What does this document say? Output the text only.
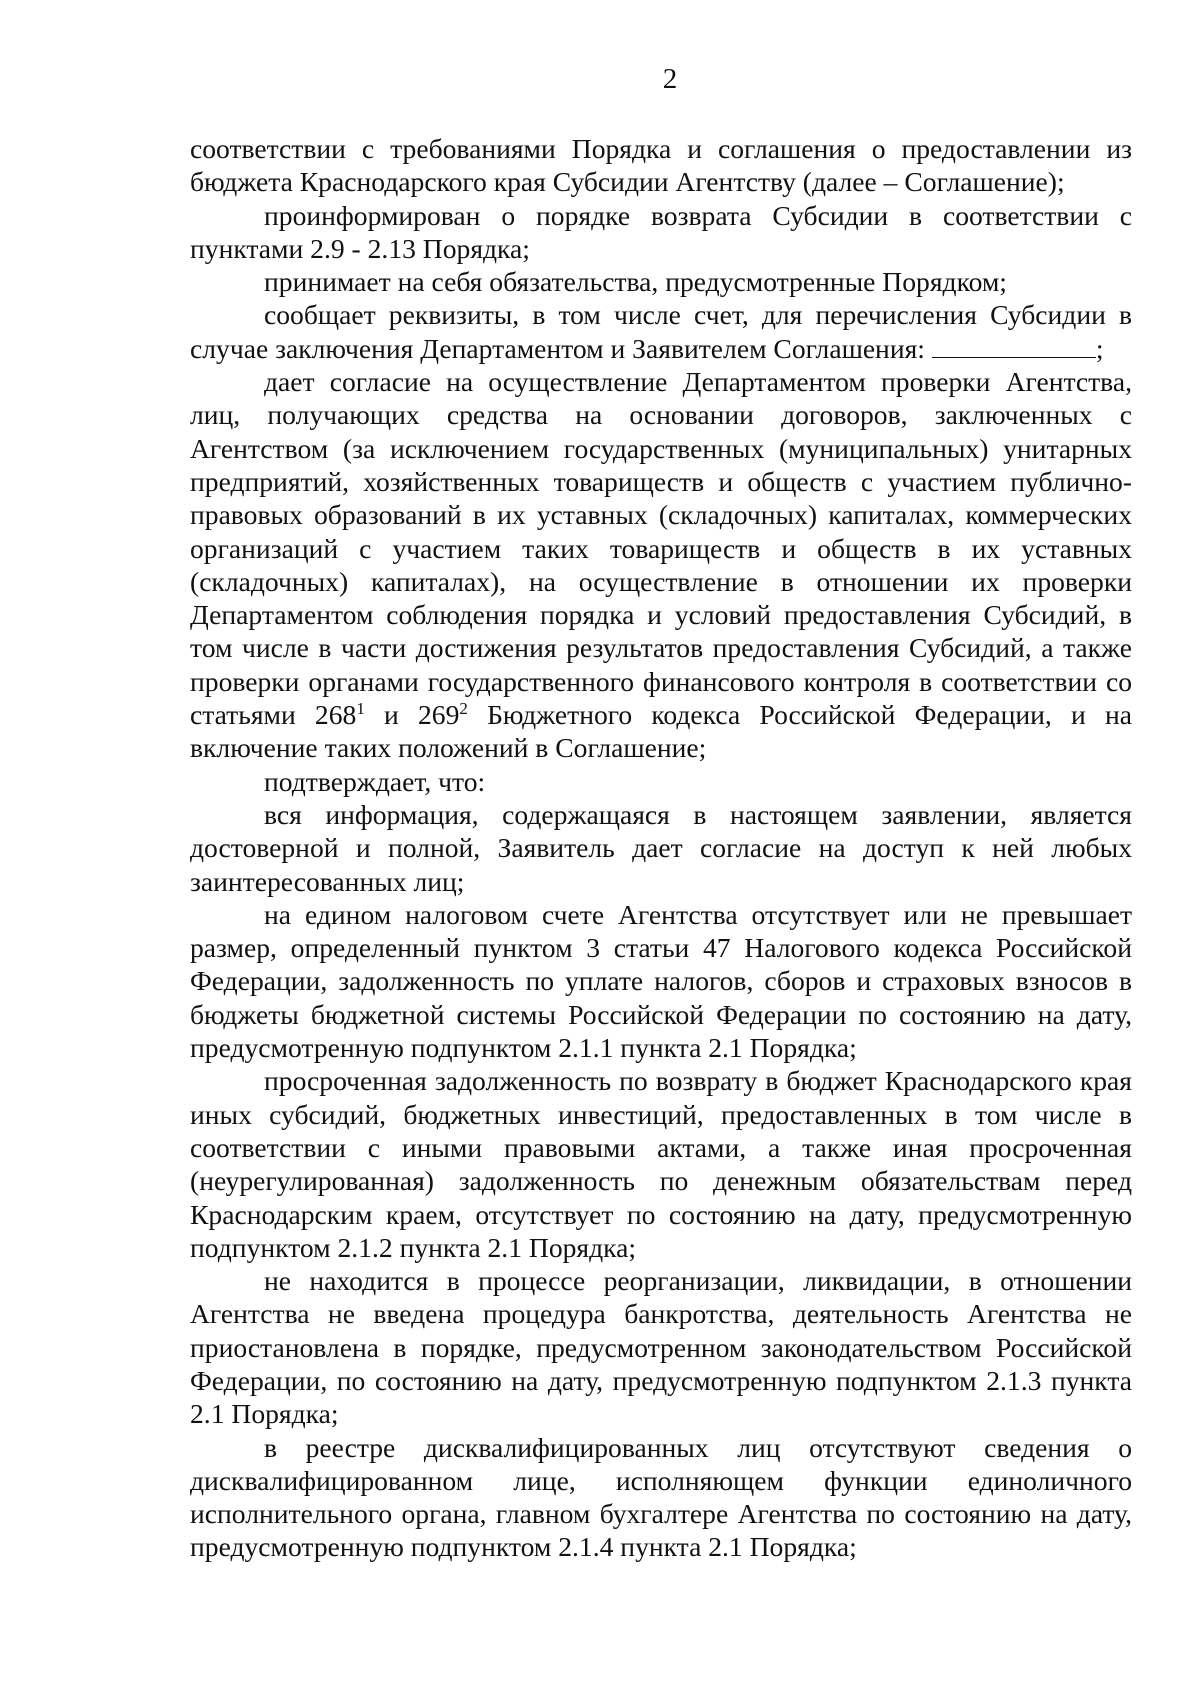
2

соответствии с требованиями Порядка и соглашения о предоставлении из бюджета Краснодарского края Субсидии Агентству (далее – Соглашение);

проинформирован о порядке возврата Субсидии в соответствии с пунктами 2.9 - 2.13 Порядка;

принимает на себя обязательства, предусмотренные Порядком;

сообщает реквизиты, в том числе счет, для перечисления Субсидии в случае заключения Департаментом и Заявителем Соглашения:	;

дает согласие на осуществление Департаментом проверки Агентства, лиц, получающих средства на основании договоров, заключенных с Агентством (за исключением государственных (муниципальных) унитарных предприятий, хозяйственных товариществ и обществ с участием публично-правовых образований в их уставных (складочных) капиталах, коммерческих организаций с участием таких товариществ и обществ в их уставных (складочных) капиталах), на осуществление в отношении их проверки Департаментом соблюдения порядка и условий предоставления Субсидий, в том числе в части достижения результатов предоставления Субсидий, а также проверки органами государственного финансового контроля в соответствии со статьями $268^1$ и $269^2$ Бюджетного кодекса Российской Федерации, и на включение таких положений в Соглашение;

подтверждает, что:

вся информация, содержащаяся в настоящем заявлении, является достоверной и полной, Заявитель дает согласие на доступ к ней любых заинтересованных лиц;

на едином налоговом счете Агентства отсутствует или не превышает размер, определенный пунктом 3 статьи 47 Налогового кодекса Российской Федерации, задолженность по уплате налогов, сборов и страховых взносов в бюджеты бюджетной системы Российской Федерации по состоянию на дату, предусмотренную подпунктом 2.1.1 пункта 2.1 Порядка;

просроченная задолженность по возврату в бюджет Краснодарского края иных субсидий, бюджетных инвестиций, предоставленных в том числе в соответствии с иными правовыми актами, а также иная просроченная (неурегулированная) задолженность по денежным обязательствам перед Краснодарским краем, отсутствует по состоянию на дату, предусмотренную подпунктом 2.1.2 пункта 2.1 Порядка;

не находится в процессе реорганизации, ликвидации, в отношении Агентства не введена процедура банкротства, деятельность Агентства не приостановлена в порядке, предусмотренном законодательством Российской Федерации, по состоянию на дату, предусмотренную подпунктом 2.1.3 пункта 2.1 Порядка;

в реестре дисквалифицированных лиц отсутствуют сведения о дисквалифицированном лице, исполняющем функции единоличного исполнительного органа, главном бухгалтере Агентства по состоянию на дату, предусмотренную подпунктом 2.1.4 пункта 2.1 Порядка;
